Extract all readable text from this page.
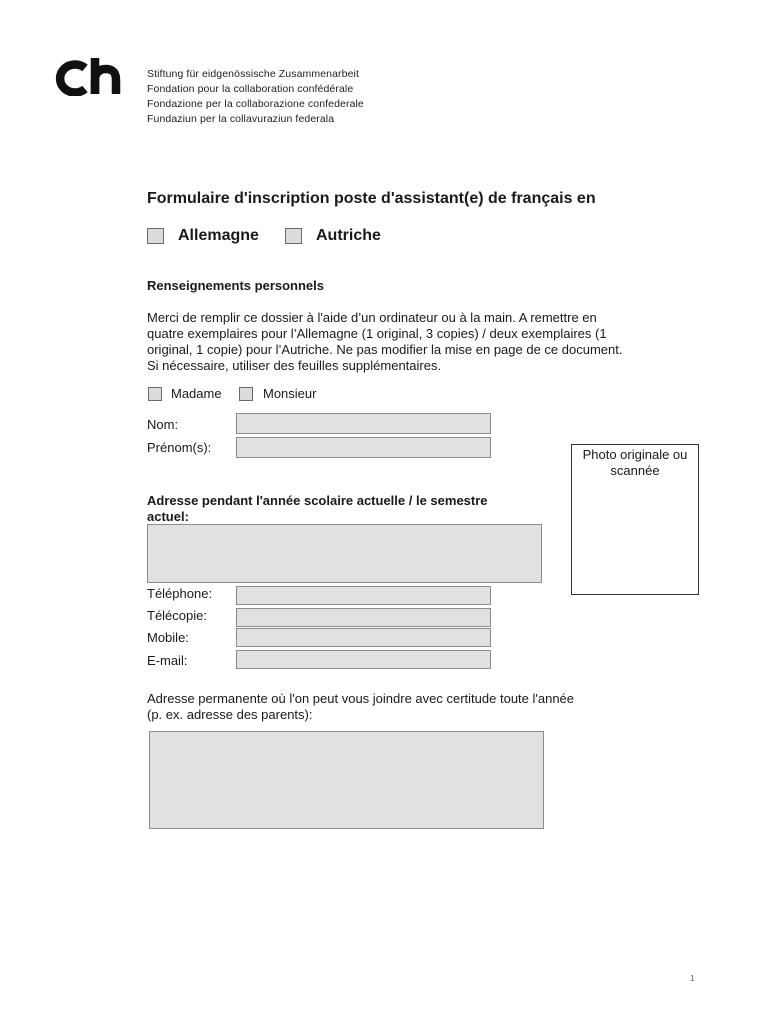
Stiftung für eidgenössische Zusammenarbeit
Fondation pour la collaboration confédérale
Fondazione per la collaborazione confederale
Fundaziun per la collavuraziun federala
Formulaire d'inscription poste d'assistant(e) de français en
Allemagne	Autriche
Renseignements personnels
Merci de remplir ce dossier à l'aide d’un ordinateur ou à la main. A remettre en
quatre exemplaires pour l’Allemagne (1 original, 3 copies) / deux exemplaires (1
original, 1 copie) pour l’Autriche. Ne pas modifier la mise en page de ce document.
Si nécessaire, utiliser des feuilles supplémentaires.
Madame	Monsieur
Nom:
Prénom(s):	Photo originale ou
scannée
Adresse pendant l'année scolaire actuelle / le semestre
actuel:
Téléphone:
Télécopie:
Mobile:
E-mail:
Adresse permanente où l'on peut vous joindre avec certitude toute l'année
(p. ex. adresse des parents):
1
